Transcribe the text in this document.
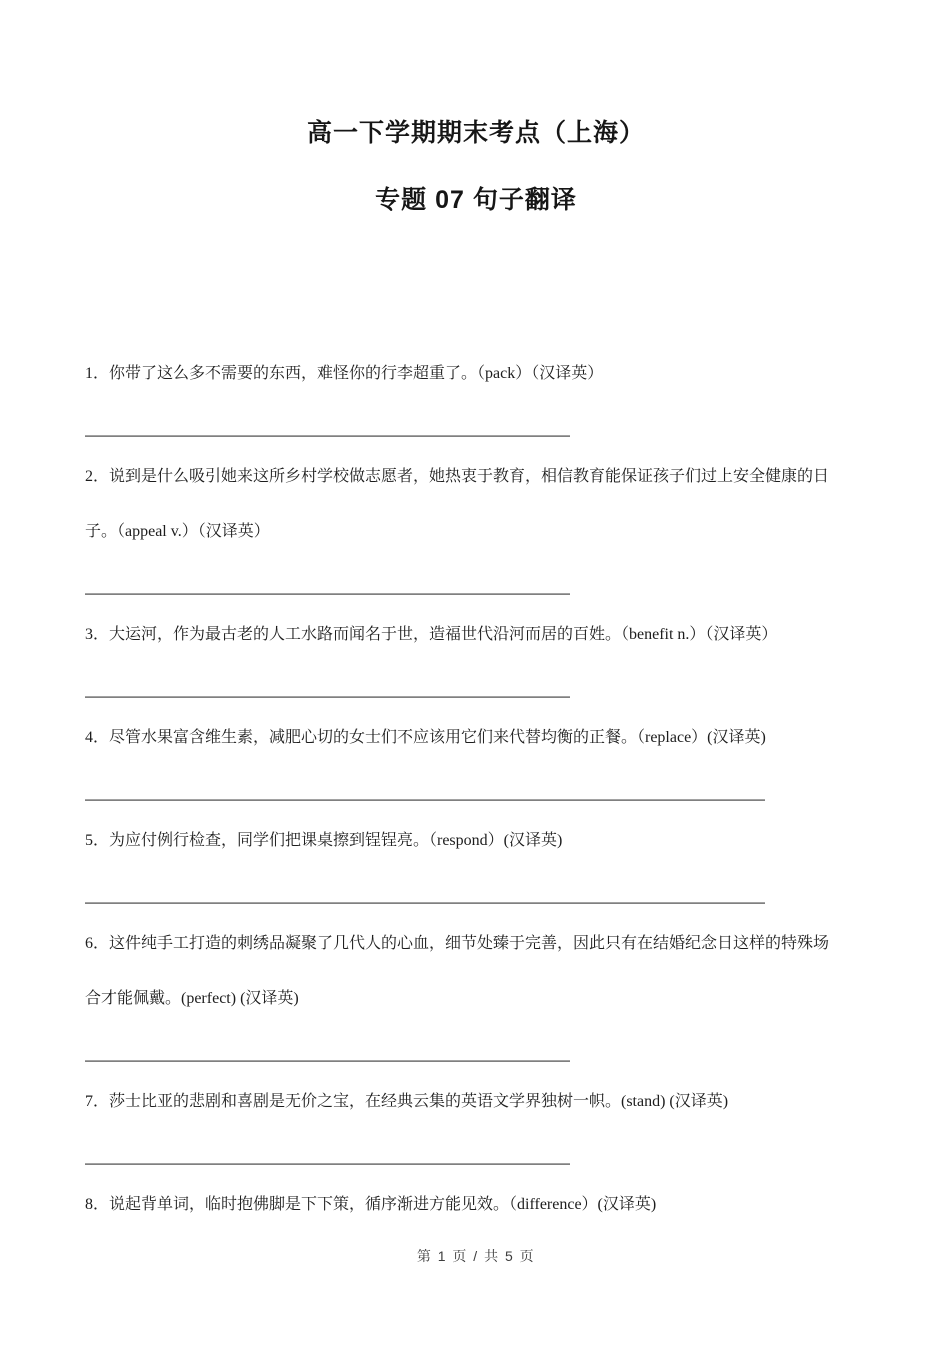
高一下学期期末考点（上海）
专题 07 句子翻译
1．你带了这么多不需要的东西，难怪你的行李超重了。（pack）（汉译英）
2．说到是什么吸引她来这所乡村学校做志愿者，她热衷于教育，相信教育能保证孩子们过上安全健康的日
子。（appeal v.）（汉译英）
3．大运河，作为最古老的人工水路而闻名于世，造福世代沿河而居的百姓。（benefit n.）（汉译英）
4．尽管水果富含维生素，减肥心切的女士们不应该用它们来代替均衡的正餐。（replace）(汉译英)
5．为应付例行检查，同学们把课桌擦到锃锃亮。（respond）(汉译英)
6．这件纯手工打造的刺绣品凝聚了几代人的心血，细节处臻于完善，因此只有在结婚纪念日这样的特殊场
合才能佩戴。(perfect) (汉译英)
7．莎士比亚的悲剧和喜剧是无价之宝，在经典云集的英语文学界独树一帜。(stand) (汉译英)
8．说起背单词，临时抱佛脚是下下策，循序渐进方能见效。（difference）(汉译英)
第 1 页 / 共 5 页
